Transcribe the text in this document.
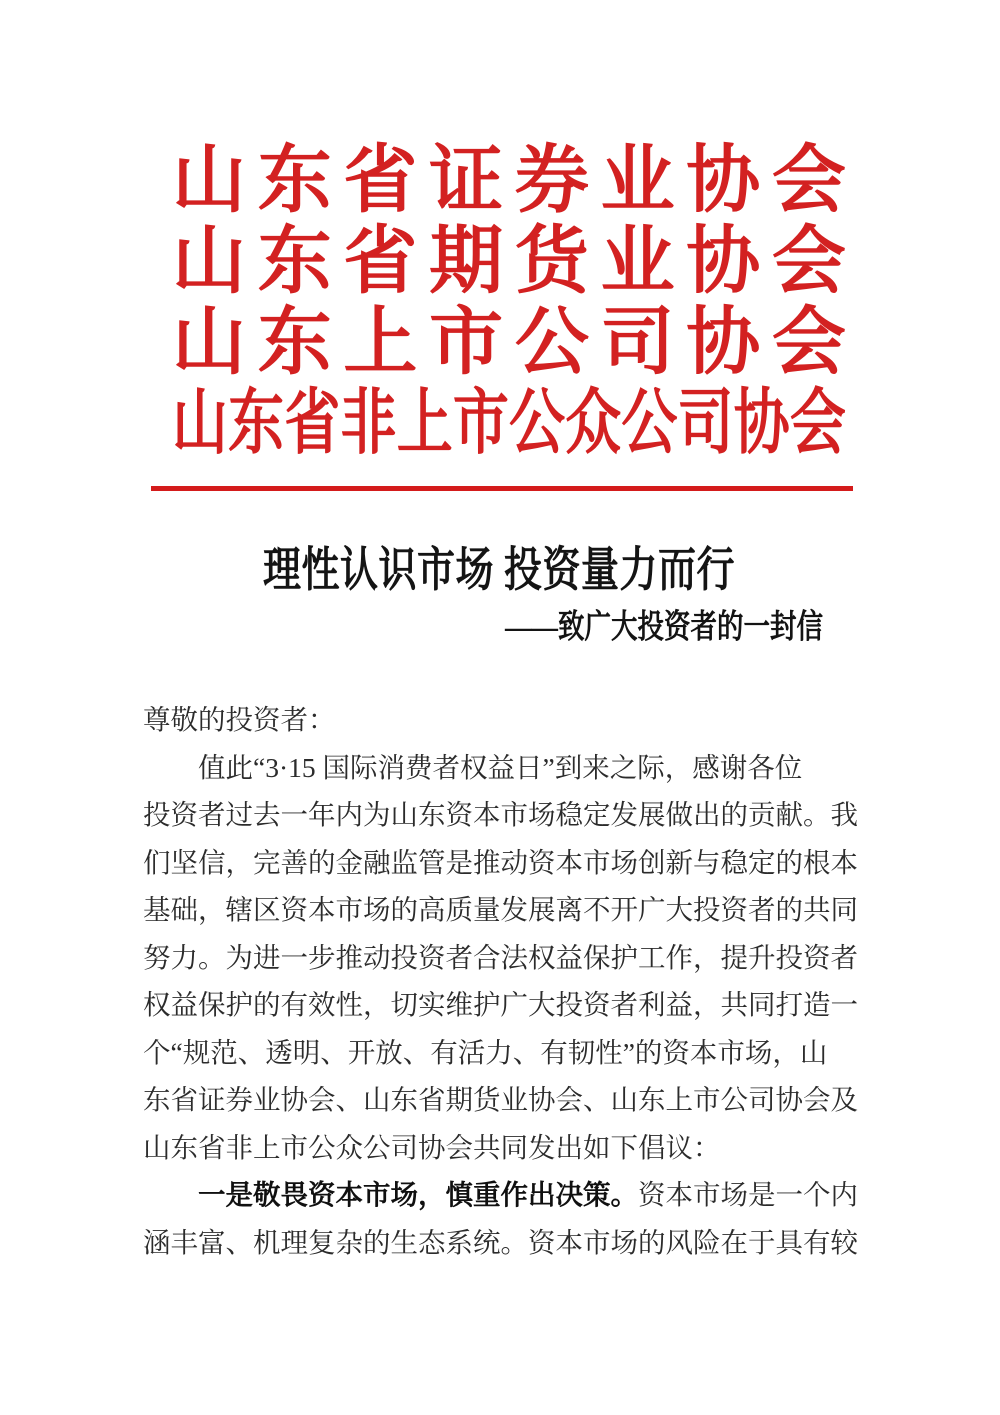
山 东 省 证 券 业 协 会
山 东 省 期 货 业 协 会
山 东 上 市 公 司 协 会
山 东 省 非 上 市 公 众 公 司 协 会
理性认识市场 投资量力而行
——致广大投资者的一封信
尊敬的投资者：
值此“3·15 国际消费者权益日”到来之际，感谢各位
投资者过去一年内为山东资本市场稳定发展做出的贡献。我
们坚信，完善的金融监管是推动资本市场创新与稳定的根本
基础，辖区资本市场的高质量发展离不开广大投资者的共同
努力。为进一步推动投资者合法权益保护工作，提升投资者
权益保护的有效性，切实维护广大投资者利益，共同打造一
个“规范、透明、开放、有活力、有韧性”的资本市场，山
东省证券业协会、山东省期货业协会、山东上市公司协会及
山东省非上市公众公司协会共同发出如下倡议：
一是敬畏资本市场，慎重作出决策。资本市场是一个内
涵丰富、机理复杂的生态系统。资本市场的风险在于具有较
